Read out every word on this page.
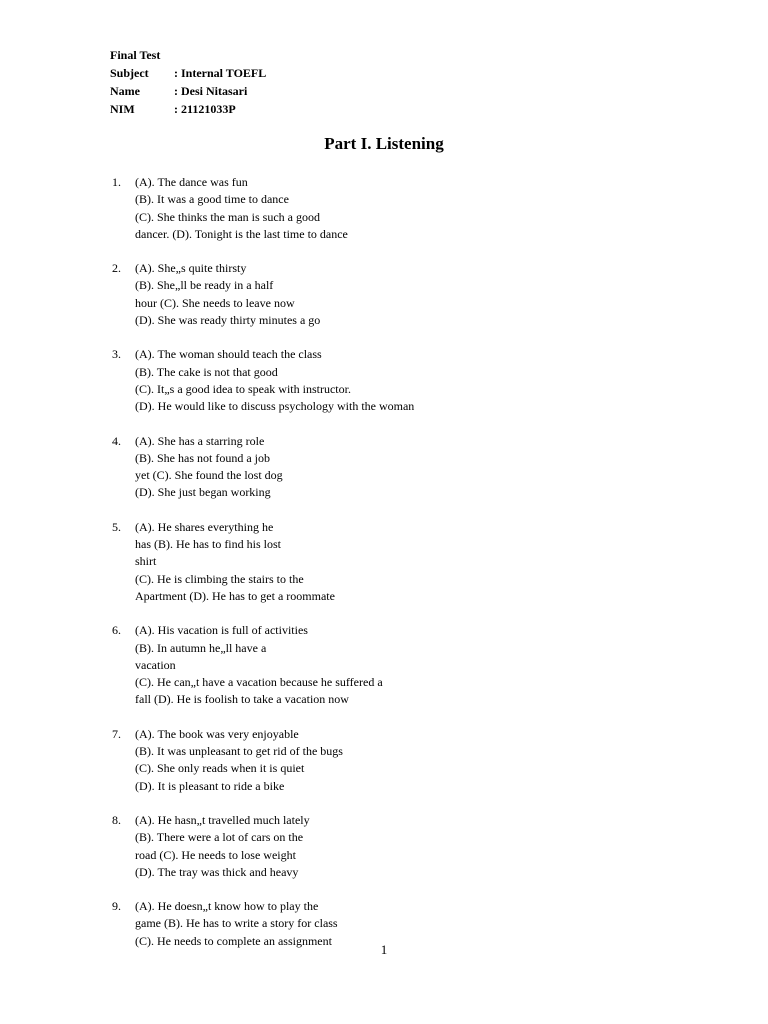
Final Test
Subject : Internal TOEFL
Name	: Desi Nitasari
NIM	: 21121033P
Part I. Listening
1. (A). The dance was fun
(B). It was a good time to dance
(C). She thinks the man is such a good
dancer. (D). Tonight is the last time to dance
2. (A). She„s quite thirsty
(B). She„ll be ready in a half
hour (C). She needs to leave now
(D). She was ready thirty minutes a go
3. (A). The woman should teach the class
(B). The cake is not that good
(C). It„s a good idea to speak with instructor.
(D). He would like to discuss psychology with the woman
4. (A). She has a starring role
(B). She has not found a job
yet (C). She found the lost dog
(D). She just began working
5. (A). He shares everything he
has (B). He has to find his lost
shirt
(C). He is climbing the stairs to the
Apartment (D). He has to get a roommate
6. (A). His vacation is full of activities
(B). In autumn he„ll have a
vacation
(C). He can„t have a vacation because he suffered a
fall (D). He is foolish to take a vacation now
7. (A). The book was very enjoyable
(B). It was unpleasant to get rid of the bugs
(C). She only reads when it is quiet
(D). It is pleasant to ride a bike
8. (A). He hasn„t travelled much lately
(B). There were a lot of cars on the
road (C). He needs to lose weight
(D). The tray was thick and heavy
9. (A). He doesn„t know how to play the
game (B). He has to write a story for class
(C). He needs to complete an assignment
1
